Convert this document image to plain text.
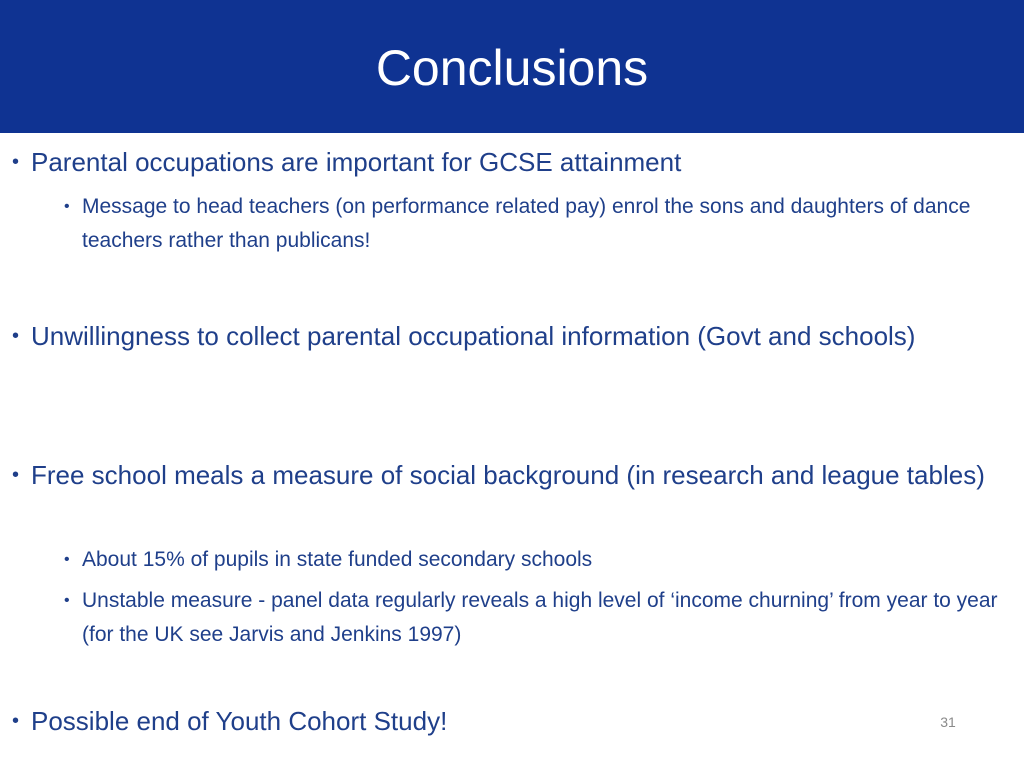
Conclusions
• Parental occupations are important for GCSE attainment
• Message to head teachers (on performance related pay) enrol the sons and daughters of dance teachers rather than publicans!
• Unwillingness to collect parental occupational information (Govt and schools)
• Free school meals a measure of social background (in research and league tables)
• About 15% of pupils in state funded secondary schools
• Unstable measure - panel data regularly reveals a high level of ‘income churning’ from year to year (for the UK see Jarvis and Jenkins 1997)
• Possible end of Youth Cohort Study!	31
